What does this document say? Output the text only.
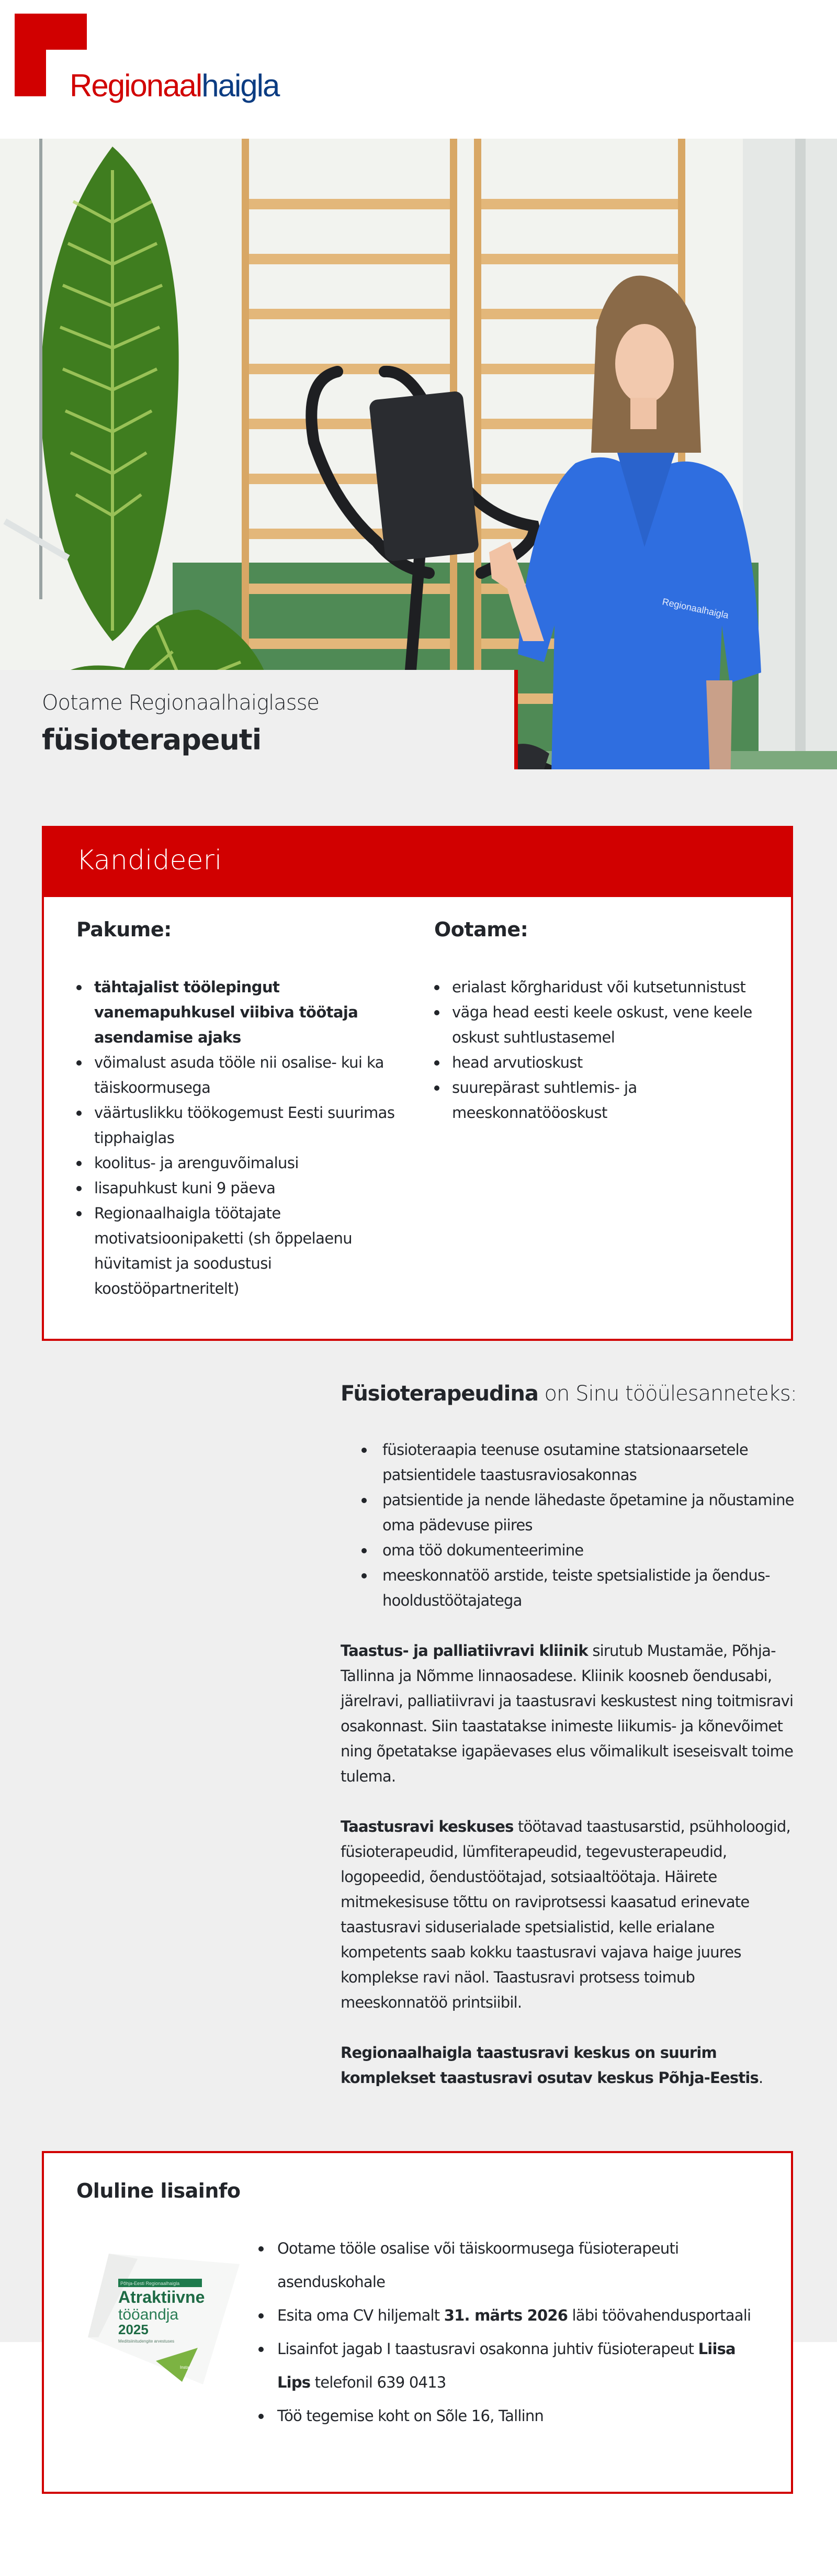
Regionaalhaigla
Regionaalhaigla
Ootame Regionaalhaiglasse
füsioterapeuti
Kandideeri
Pakume:
tähtajalist töölepingut vanemapuhkusel viibiva töötaja asendamise ajaks
võimalust asuda tööle nii osalise- kui ka täiskoormusega
väärtuslikku töökogemust Eesti suurimas tipphaiglas
koolitus- ja arenguvõimalusi
lisapuhkust kuni 9 päeva
Regionaalhaigla töötajate motivatsioonipaketti (sh õppelaenu hüvitamist ja soodustusi koostööpartneritelt)
Ootame:
erialast kõrgharidust või kutsetunnistust
väga head eesti keele oskust, vene keele oskust suhtlustasemel
head arvutioskust
suurepärast suhtlemis- ja meeskonnatööoskust
Füsioterapeudina on Sinu tööülesanneteks:
füsioteraapia teenuse osutamine statsionaarsetele patsientidele taastusraviosakonnas
patsientide ja nende lähedaste õpetamine ja nõustamine oma pädevuse piires
oma töö dokumenteerimine
meeskonnatöö arstide, teiste spetsialistide ja õendus-hooldustöötajatega

Taastus- ja palliatiivravi kliinik sirutub Mustamäe, Põhja-Tallinna ja Nõmme linnaosadese. Kliinik koosneb õendusabi, järelravi, palliatiivravi ja taastusravi keskustest ning toitmisravi osakonnast. Siin taastatakse inimeste liikumis- ja kõnevõimet ning õpetatakse igapäevases elus võimalikult iseseisvalt toime tulema.

Taastusravi keskuses töötavad taastusarstid, psühholoogid, füsioterapeudid, lümfiterapeudid, tegevusterapeudid, logopeedid, õendustöötajad, sotsiaaltöötaja. Häirete mitmekesisuse tõttu on raviprotsessi kaasatud erinevate taastusravi siduserialade spetsialistid, kelle erialane kompetents saab kokku taastusravi vajava haige juures komplekse ravi näol. Taastusravi protsess toimub meeskonnatöö printsiibil.

Regionaalhaigla taastusravi keskus on suurim komplekset taastusravi osutav keskus Põhja-Eestis.

Oluline lisainfo
Põhja-Eesti Regionaalhaigla
Atraktiivne
tööandja
2025
Meditsiinitudengite arvestuses
Instar
Ootame tööle osalise või täiskoormusega füsioterapeuti asenduskohale
Esita oma CV hiljemalt 31. märts 2026 läbi töövahendusportaali
Lisainfot jagab I taastusravi osakonna juhtiv füsioterapeut Liisa Lips telefonil 639 0413
Töö tegemise koht on Sõle 16, Tallinn
